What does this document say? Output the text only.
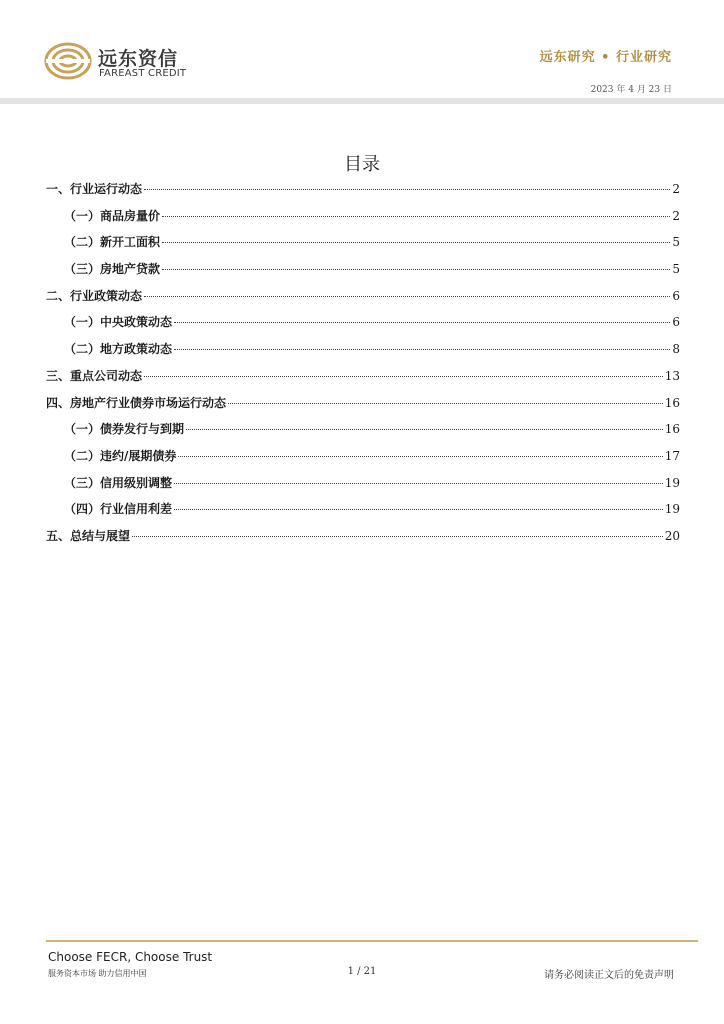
远东资信
FAREAST CREDIT
远东研究 • 行业研究
2023 年 4 月 23 日
目录
一、行业运行动态	2
（一）商品房量价	2
（二）新开工面积	5
（三）房地产贷款	5
二、行业政策动态	6
（一）中央政策动态	6
（二）地方政策动态	8
三、重点公司动态	13
四、房地产行业债券市场运行动态	16
（一）债券发行与到期	16
（二）违约/展期债券	17
（三）信用级别调整	19
（四）行业信用利差	19
五、总结与展望	20
Choose FECR, Choose Trust
服务资本市场 助力信用中国	1 / 21	请务必阅读正文后的免责声明
